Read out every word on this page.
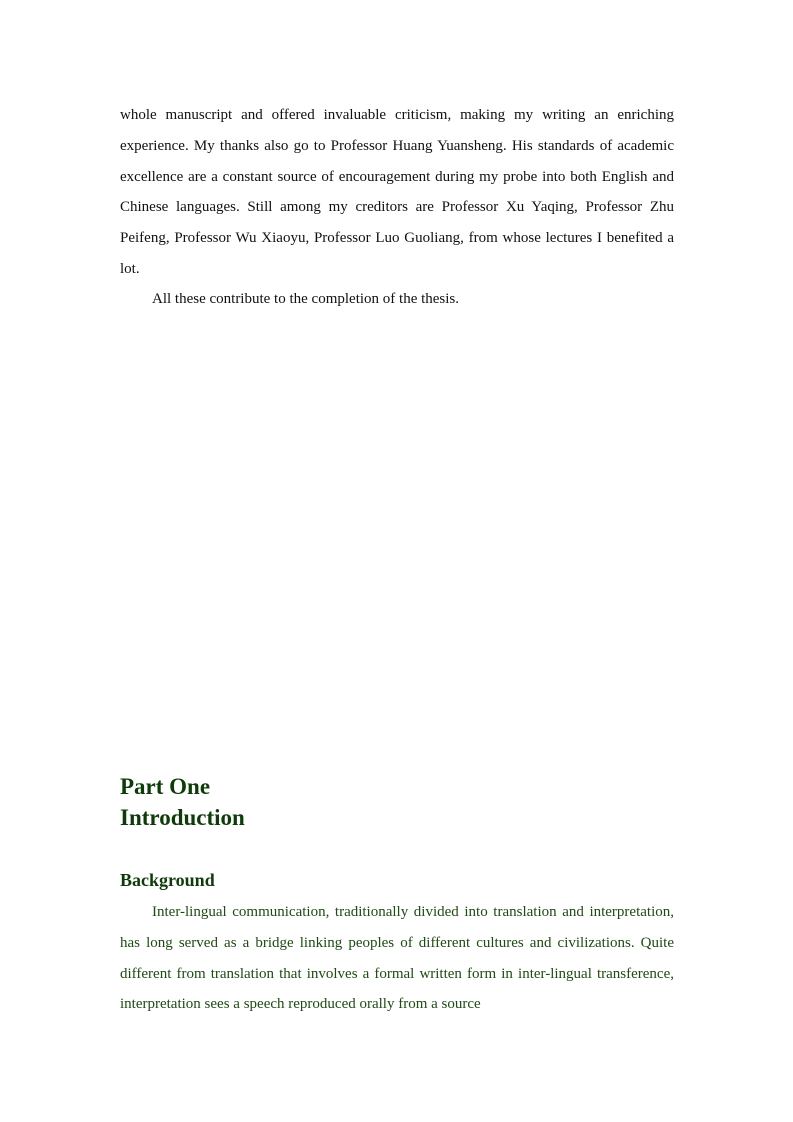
whole manuscript and offered invaluable criticism, making my writing an enriching experience. My thanks also go to Professor Huang Yuansheng. His standards of academic excellence are a constant source of encouragement during my probe into both English and Chinese languages. Still among my creditors are Professor Xu Yaqing, Professor Zhu Peifeng, Professor Wu Xiaoyu, Professor Luo Guoliang, from whose lectures I benefited a lot.

All these contribute to the completion of the thesis.

Part One
Introduction
Background

Inter-lingual communication, traditionally divided into translation and interpretation, has long served as a bridge linking peoples of different cultures and civilizations. Quite different from translation that involves a formal written form in inter-lingual transference, interpretation sees a speech reproduced orally from a source
